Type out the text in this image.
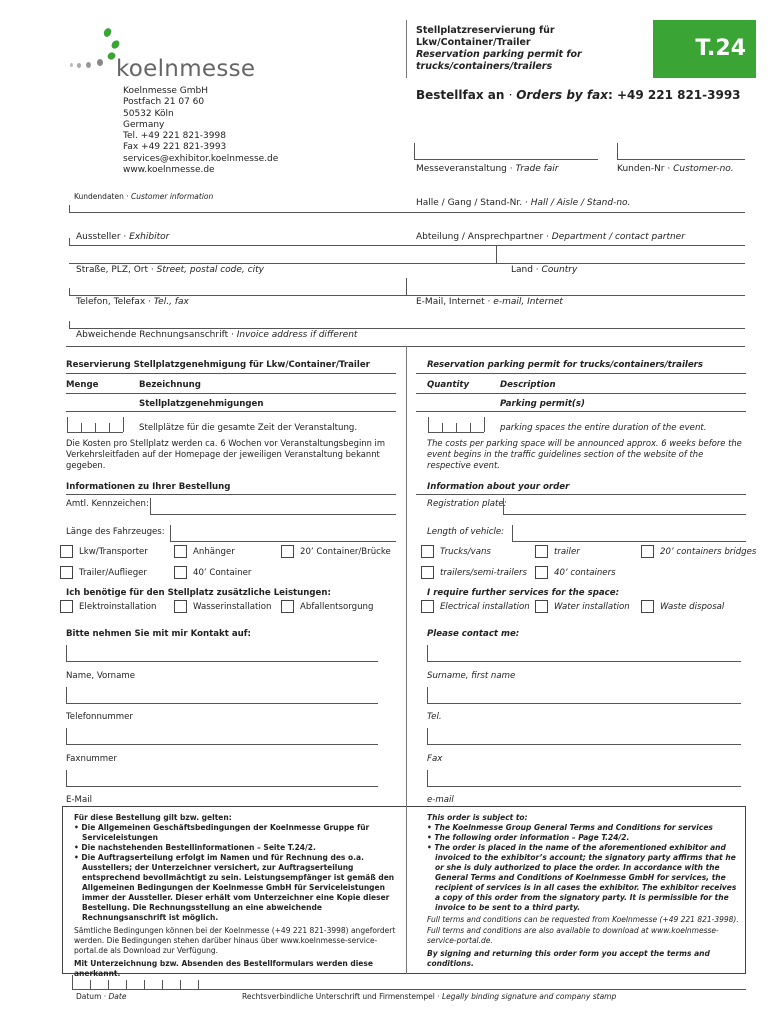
koelnmesse
Koelnmesse GmbH
Postfach 21 07 60
50532 Köln
Germany
Tel. +49 221 821-3998
Fax +49 221 821-3993
services@exhibitor.koelnmesse.de
www.koelnmesse.de
Stellplatzreservierung für
Lkw/Container/Trailer
Reservation parking permit for
trucks/containers/trailers
T.24
Bestellfax an · Orders by fax: +49 221 821-3993
Messeveranstaltung · Trade fair	Kunden-Nr · Customer-no.
Kundendaten · Customer information
Halle / Gang / Stand-Nr. · Hall / Aisle / Stand-no.
Aussteller · Exhibitor	Abteilung / Ansprechpartner · Department / contact partner
Straße, PLZ, Ort · Street, postal code, city	Land · Country
Telefon, Telefax · Tel., fax	E-Mail, Internet · e-mail, Internet
Abweichende Rechnungsanschrift · Invoice address if different
Reservierung Stellplatzgenehmigung für Lkw/Container/Trailer
Menge	Bezeichnung
Stellplatzgenehmigungen
Stellplätze für die gesamte Zeit der Veranstaltung.
Die Kosten pro Stellplatz werden ca. 6 Wochen vor Veranstaltungsbeginn im Verkehrsleitfaden auf der Homepage der jeweiligen Veranstaltung bekannt gegeben.
Informationen zu Ihrer Bestellung
Amtl. Kennzeichen:
Länge des Fahrzeuges:
Lkw/Transporter	Anhänger	20’ Container/Brücke
Trailer/Auflieger	40’ Container
Ich benötige für den Stellplatz zusätzliche Leistungen:
Elektroinstallation	Wasserinstallation	Abfallentsorgung
Bitte nehmen Sie mit mir Kontakt auf:
Name, Vorname
Telefonnummer
Faxnummer
E-Mail
Reservation parking permit for trucks/containers/trailers
Quantity	Description
Parking permit(s)
parking spaces the entire duration of the event.
The costs per parking space will be announced approx. 6 weeks before the event begins in the traffic guidelines section of the website of the respective event.
Information about your order
Registration plate:
Length of vehicle:
Trucks/vans	trailer	20’ containers bridges
trailers/semi-trailers	40’ containers
I require further services for the space:
Electrical installation	Water installation	Waste disposal
Please contact me:
Surname, first name
Tel.
Fax
e-mail
Für diese Bestellung gilt bzw. gelten:
• Die Allgemeinen Geschäftsbedingungen der Koelnmesse Gruppe für Serviceleistungen
• Die nachstehenden Bestellinformationen – Seite T.24/2.
• Die Auftragserteilung erfolgt im Namen und für Rechnung des o.a. Ausstellers; der Unterzeichner versichert, zur Auftragserteilung entsprechend bevollmächtigt zu sein. Leistungsempfänger ist gemäß den Allgemeinen Bedingungen der Koelnmesse GmbH für Serviceleistungen immer der Aussteller. Dieser erhält vom Unterzeichner eine Kopie dieser Bestellung. Die Rechnungsstellung an eine abweichende Rechnungsanschrift ist möglich.
Sämtliche Bedingungen können bei der Koelnmesse (+49 221 821-3998) angefordert werden. Die Bedingungen stehen darüber hinaus über www.koelnmesse-service-portal.de als Download zur Verfügung.
Mit Unterzeichnung bzw. Absenden des Bestellformulars werden diese anerkannt.
This order is subject to:
• The Koelnmesse Group General Terms and Conditions for services
• The following order information – Page T.24/2.
• The order is placed in the name of the aforementioned exhibitor and invoiced to the exhibitor’s account; the signatory party affirms that he or she is duly authorized to place the order. In accordance with the General Terms and Conditions of Koelnmesse GmbH for services, the recipient of services is in all cases the exhibitor. The exhibitor receives a copy of this order from the signatory party. It is permissible for the invoice to be sent to a third party.
Full terms and conditions can be requested from Koelnmesse (+49 221 821-3998). Full terms and conditions are also available to download at www.koelnmesse-service-portal.de.
By signing and returning this order form you accept the terms and conditions.
Datum · Date	Rechtsverbindliche Unterschrift und Firmenstempel · Legally binding signature and company stamp
